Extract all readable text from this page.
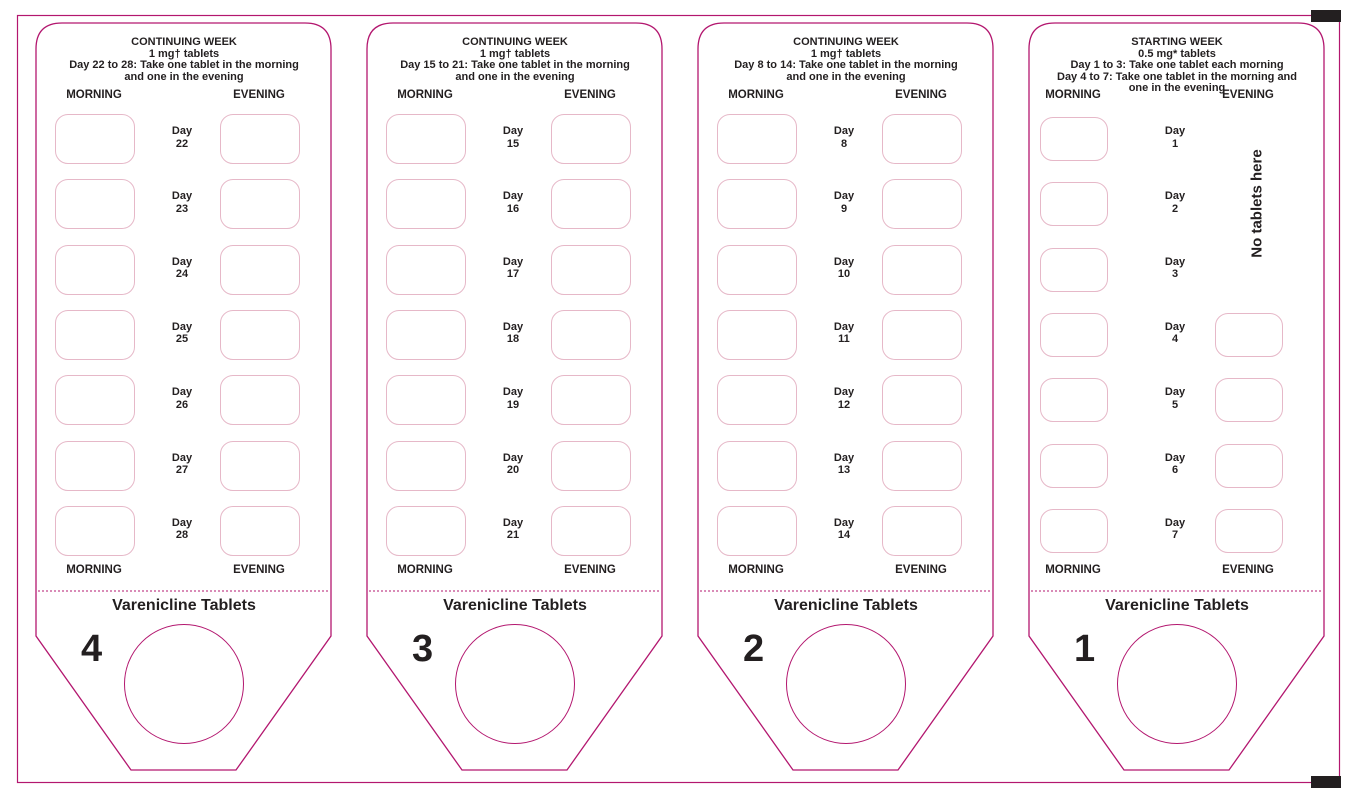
CONTINUING WEEK
1 mg† tablets
Day 22 to 28: Take one tablet in the morning
and one in the evening
MORNING	EVENING
MORNING	EVENING
Day
22
Day
23
Day
24
Day
25
Day
26
Day
27
Day
28
Varenicline Tablets
4
CONTINUING WEEK
1 mg† tablets
Day 15 to 21: Take one tablet in the morning
and one in the evening
MORNING	EVENING
MORNING	EVENING
Day
15
Day
16
Day
17
Day
18
Day
19
Day
20
Day
21
Varenicline Tablets
3
CONTINUING WEEK
1 mg† tablets
Day 8 to 14: Take one tablet in the morning
and one in the evening
MORNING	EVENING
MORNING	EVENING
Day
8
Day
9
Day
10
Day
11
Day
12
Day
13
Day
14
Varenicline Tablets
2
STARTING WEEK
0.5 mg* tablets
Day 1 to 3: Take one tablet each morning
Day 4 to 7: Take one tablet in the morning and
one in the evening
MORNING	EVENING
MORNING	EVENING
Day
1
Day
2
Day
3
Day
4
Day
5
Day
6
Day
7
No tablets here
Varenicline Tablets
1
